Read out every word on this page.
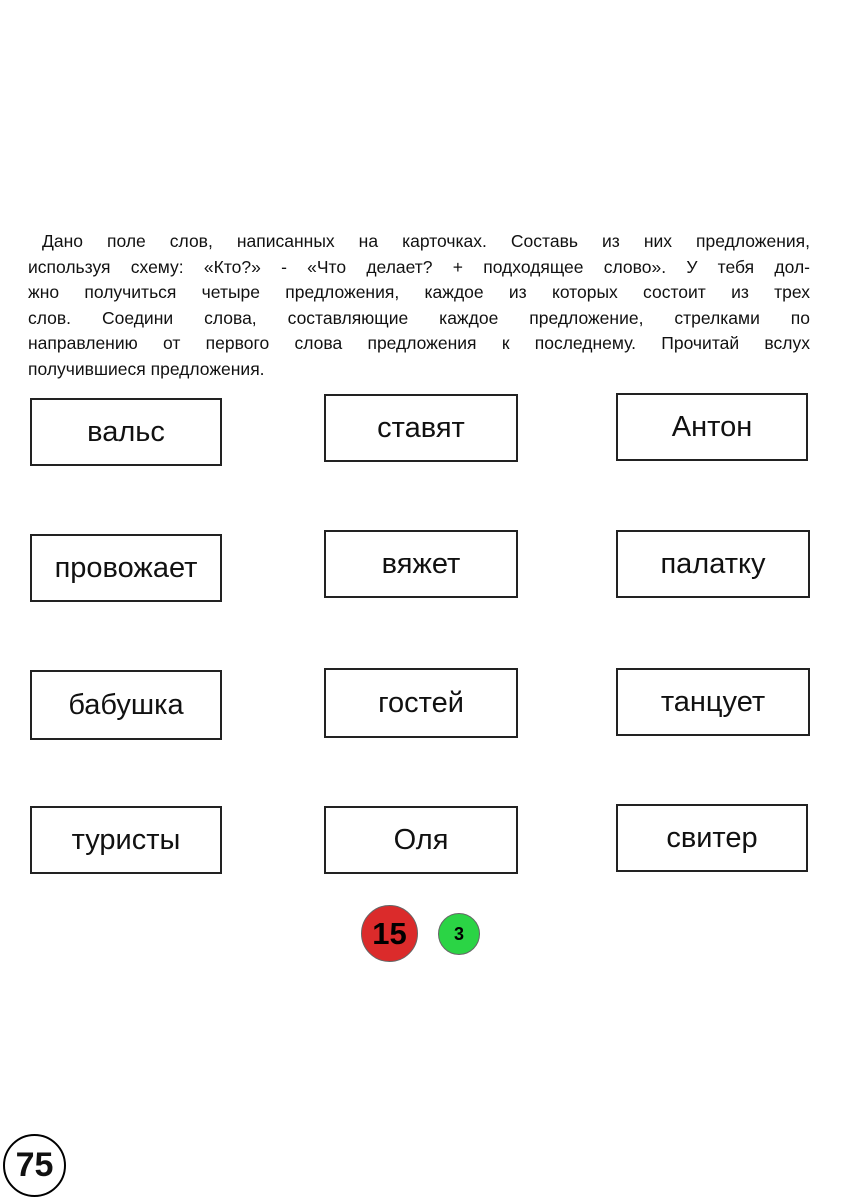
Дано поле слов, написанных на карточках. Составь из них предложения,
используя схему: «Кто?» - «Что делает? + подходящее слово». У тебя дол-
жно получиться четыре предложения, каждое из которых состоит из трех
слов. Соедини слова, составляющие каждое предложение, стрелками по
направлению от первого слова предложения к последнему. Прочитай вслух
получившиеся предложения.
вальс	ставят	Антон
провожает	вяжет	палатку
бабушка	гостей	танцует
туристы	Оля	свитер
15	3
75
